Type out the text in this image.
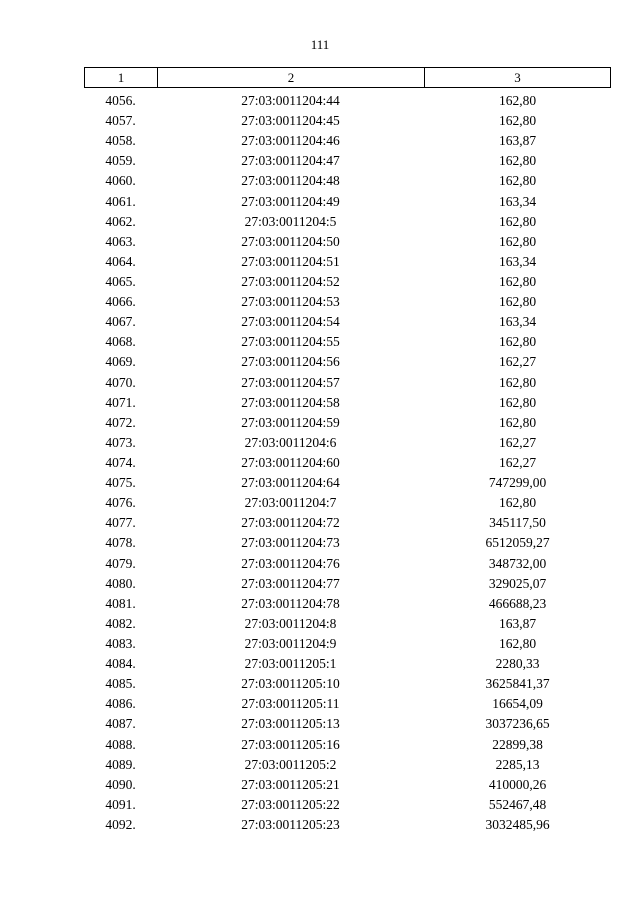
111
1	2	3
4056.	27:03:0011204:44	162,80
4057.	27:03:0011204:45	162,80
4058.	27:03:0011204:46	163,87
4059.	27:03:0011204:47	162,80
4060.	27:03:0011204:48	162,80
4061.	27:03:0011204:49	163,34
4062.	27:03:0011204:5	162,80
4063.	27:03:0011204:50	162,80
4064.	27:03:0011204:51	163,34
4065.	27:03:0011204:52	162,80
4066.	27:03:0011204:53	162,80
4067.	27:03:0011204:54	163,34
4068.	27:03:0011204:55	162,80
4069.	27:03:0011204:56	162,27
4070.	27:03:0011204:57	162,80
4071.	27:03:0011204:58	162,80
4072.	27:03:0011204:59	162,80
4073.	27:03:0011204:6	162,27
4074.	27:03:0011204:60	162,27
4075.	27:03:0011204:64	747299,00
4076.	27:03:0011204:7	162,80
4077.	27:03:0011204:72	345117,50
4078.	27:03:0011204:73	6512059,27
4079.	27:03:0011204:76	348732,00
4080.	27:03:0011204:77	329025,07
4081.	27:03:0011204:78	466688,23
4082.	27:03:0011204:8	163,87
4083.	27:03:0011204:9	162,80
4084.	27:03:0011205:1	2280,33
4085.	27:03:0011205:10	3625841,37
4086.	27:03:0011205:11	16654,09
4087.	27:03:0011205:13	3037236,65
4088.	27:03:0011205:16	22899,38
4089.	27:03:0011205:2	2285,13
4090.	27:03:0011205:21	410000,26
4091.	27:03:0011205:22	552467,48
4092.	27:03:0011205:23	3032485,96
